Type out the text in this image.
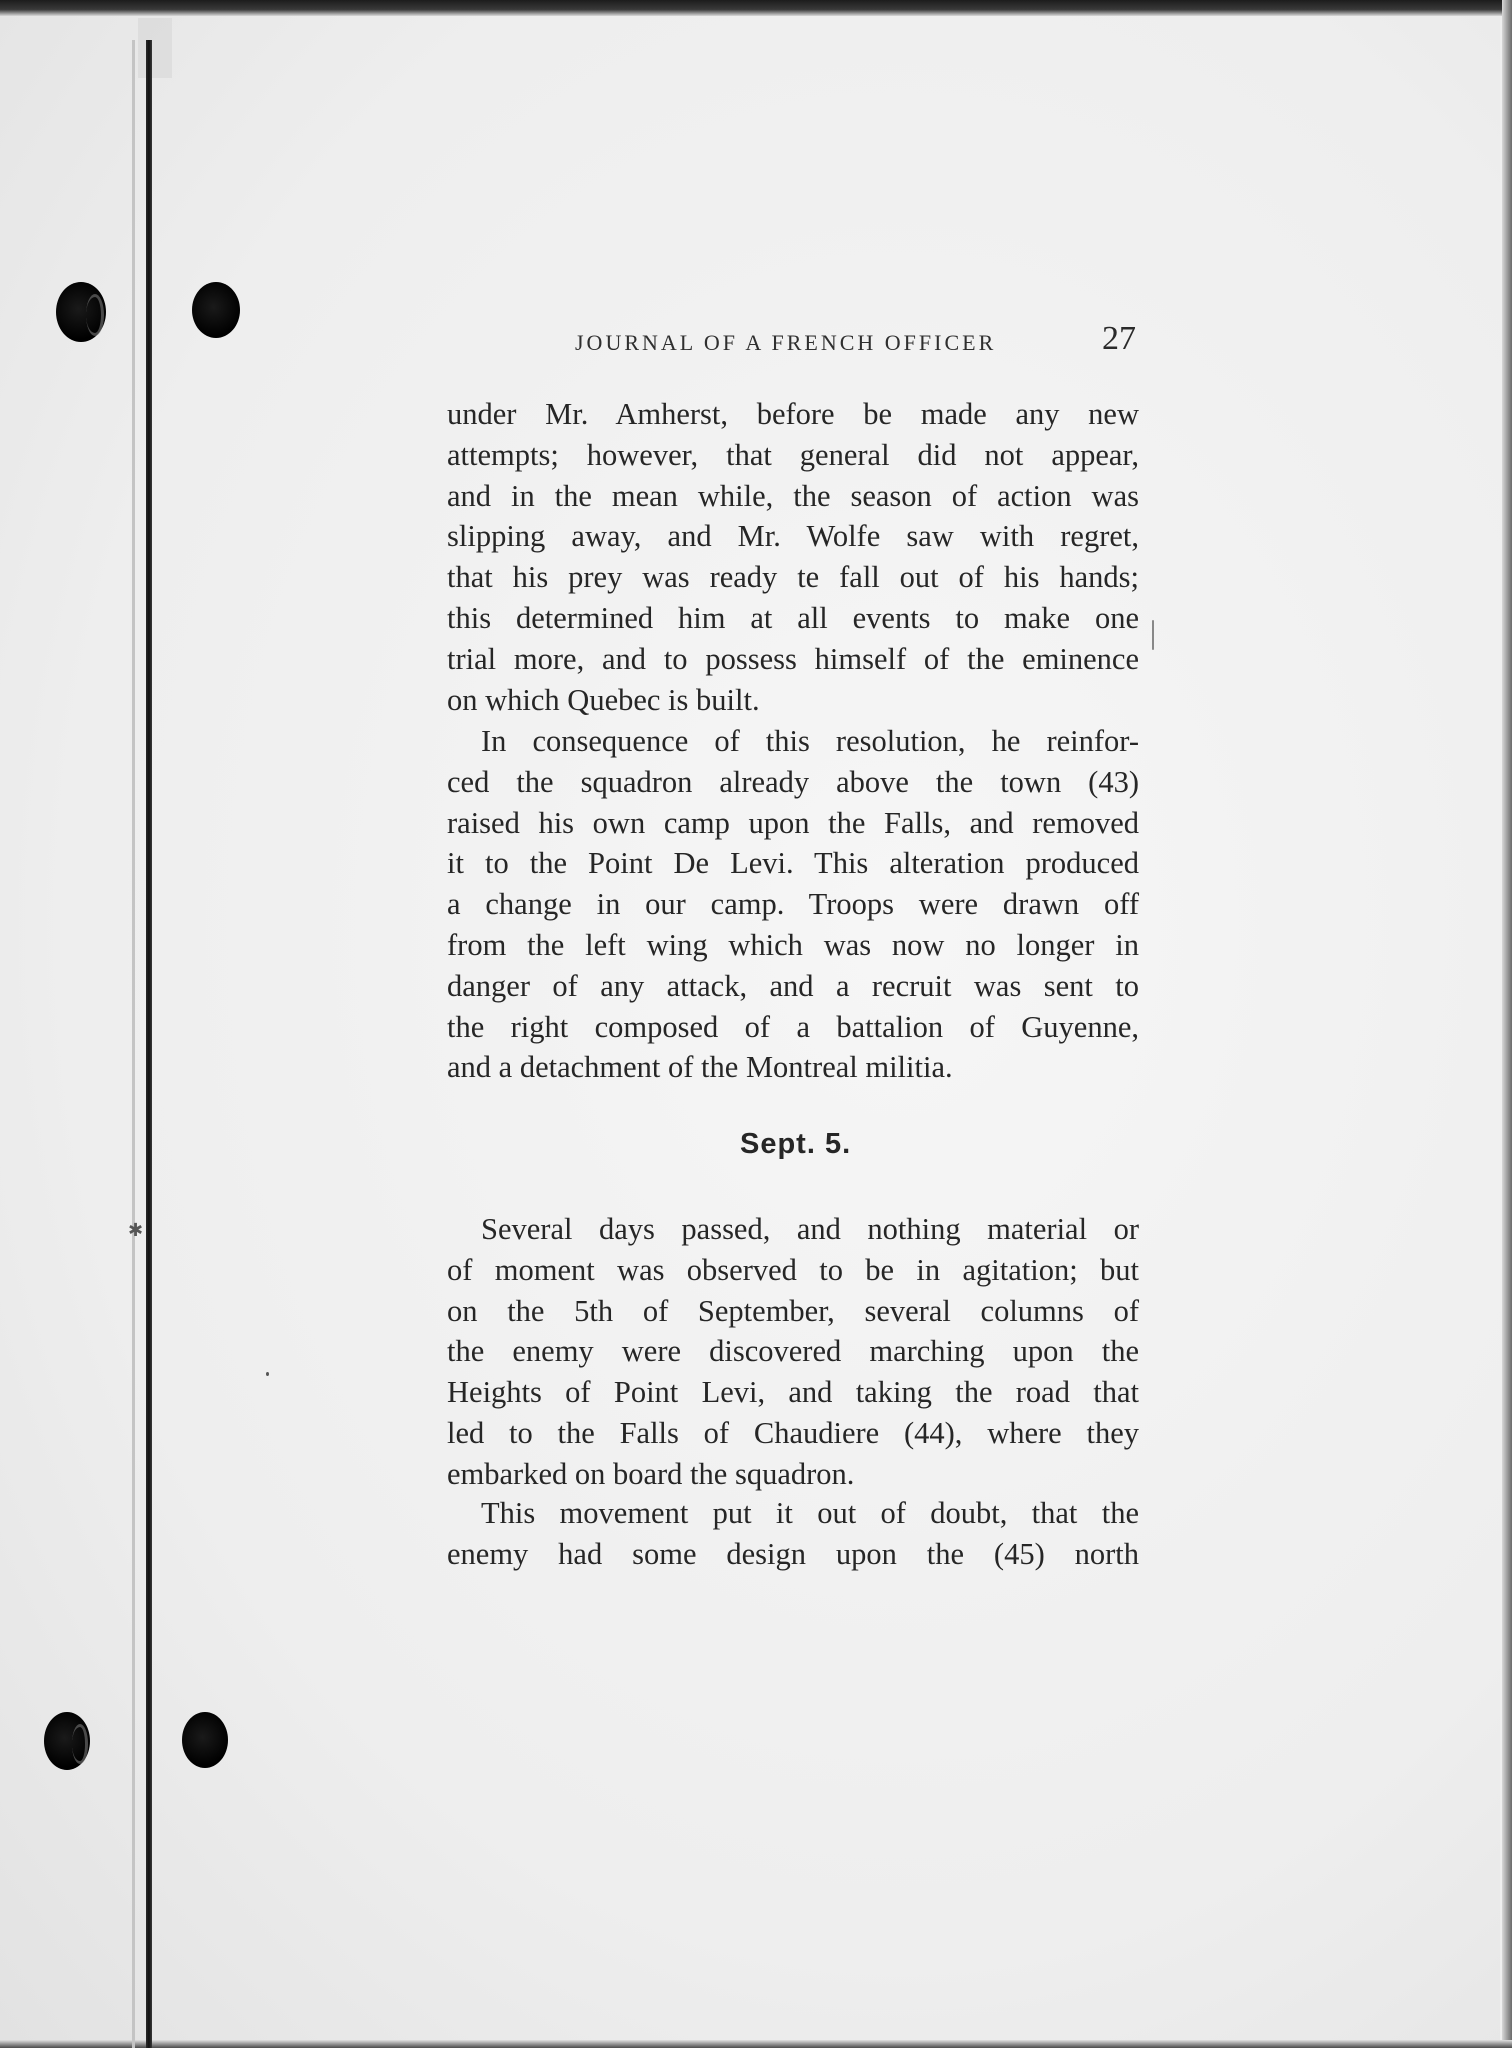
✱
JOURNAL OF A FRENCH OFFICER	27
under Mr. Amherst, before be made any new
attempts; however, that general did not appear,
and in the mean while, the season of action was
slipping away, and Mr. Wolfe saw with regret,
that his prey was ready te fall out of his hands;
this determined him at all events to make one
trial more, and to possess himself of the eminence
on which Quebec is built.
In consequence of this resolution, he reinfor-
ced the squadron already above the town (43)
raised his own camp upon the Falls, and removed
it to the Point De Levi. This alteration produced
a change in our camp. Troops were drawn off
from the left wing which was now no longer in
danger of any attack, and a recruit was sent to
the right composed of a battalion of Guyenne,
and a detachment of the Montreal militia.
Sept. 5.
Several days passed, and nothing material or
of moment was observed to be in agitation; but
on the 5th of September, several columns of
the enemy were discovered marching upon the
Heights of Point Levi, and taking the road that
led to the Falls of Chaudiere (44), where they
embarked on board the squadron.
This movement put it out of doubt, that the
enemy had some design upon the (45) north
